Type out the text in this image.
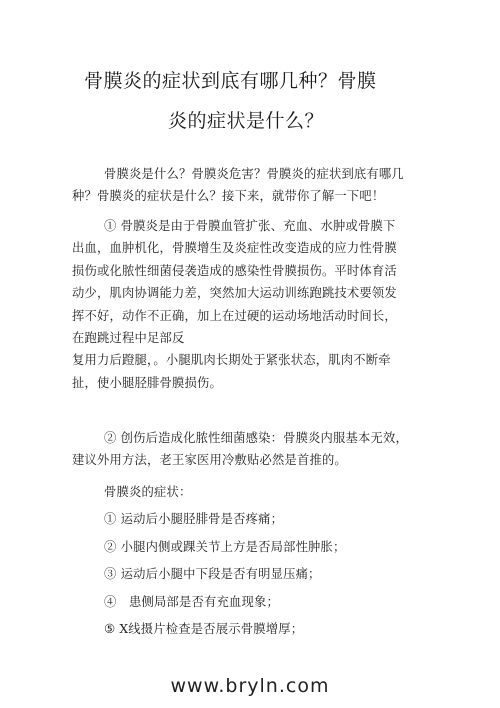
骨膜炎的症状到底有哪几种？骨膜
炎的症状是什么？
骨膜炎是什么？骨膜炎危害？骨膜炎的症状到底有哪几
种？骨膜炎的症状是什么？接下来，就带你了解一下吧！
① 骨膜炎是由于骨膜血管扩张、充血、水肿或骨膜下
出血，血肿机化，骨膜增生及炎症性改变造成的应力性骨膜
损伤或化脓性细菌侵袭造成的感染性骨膜损伤。平时体育活
动少，肌肉协调能力差，突然加大运动训练跑跳技术要领发
挥不好，动作不正确，加上在过硬的运动场地活动时间长，
在跑跳过程中足部反
复用力后蹬腿，。小腿肌肉长期处于紧张状态，肌肉不断牵
扯，使小腿胫腓骨膜损伤。
② 创伤后造成化脓性细菌感染：骨膜炎内服基本无效，
建议外用方法，老王家医用冷敷贴必然是首推的。
骨膜炎的症状：
① 运动后小腿胫腓骨是否疼痛；
② 小腿内侧或踝关节上方是否局部性肿胀；
③ 运动后小腿中下段是否有明显压痛；
④　患侧局部是否有充血现象；
⑤ X线摄片检查是否展示骨膜增厚；
www.bryln.com
